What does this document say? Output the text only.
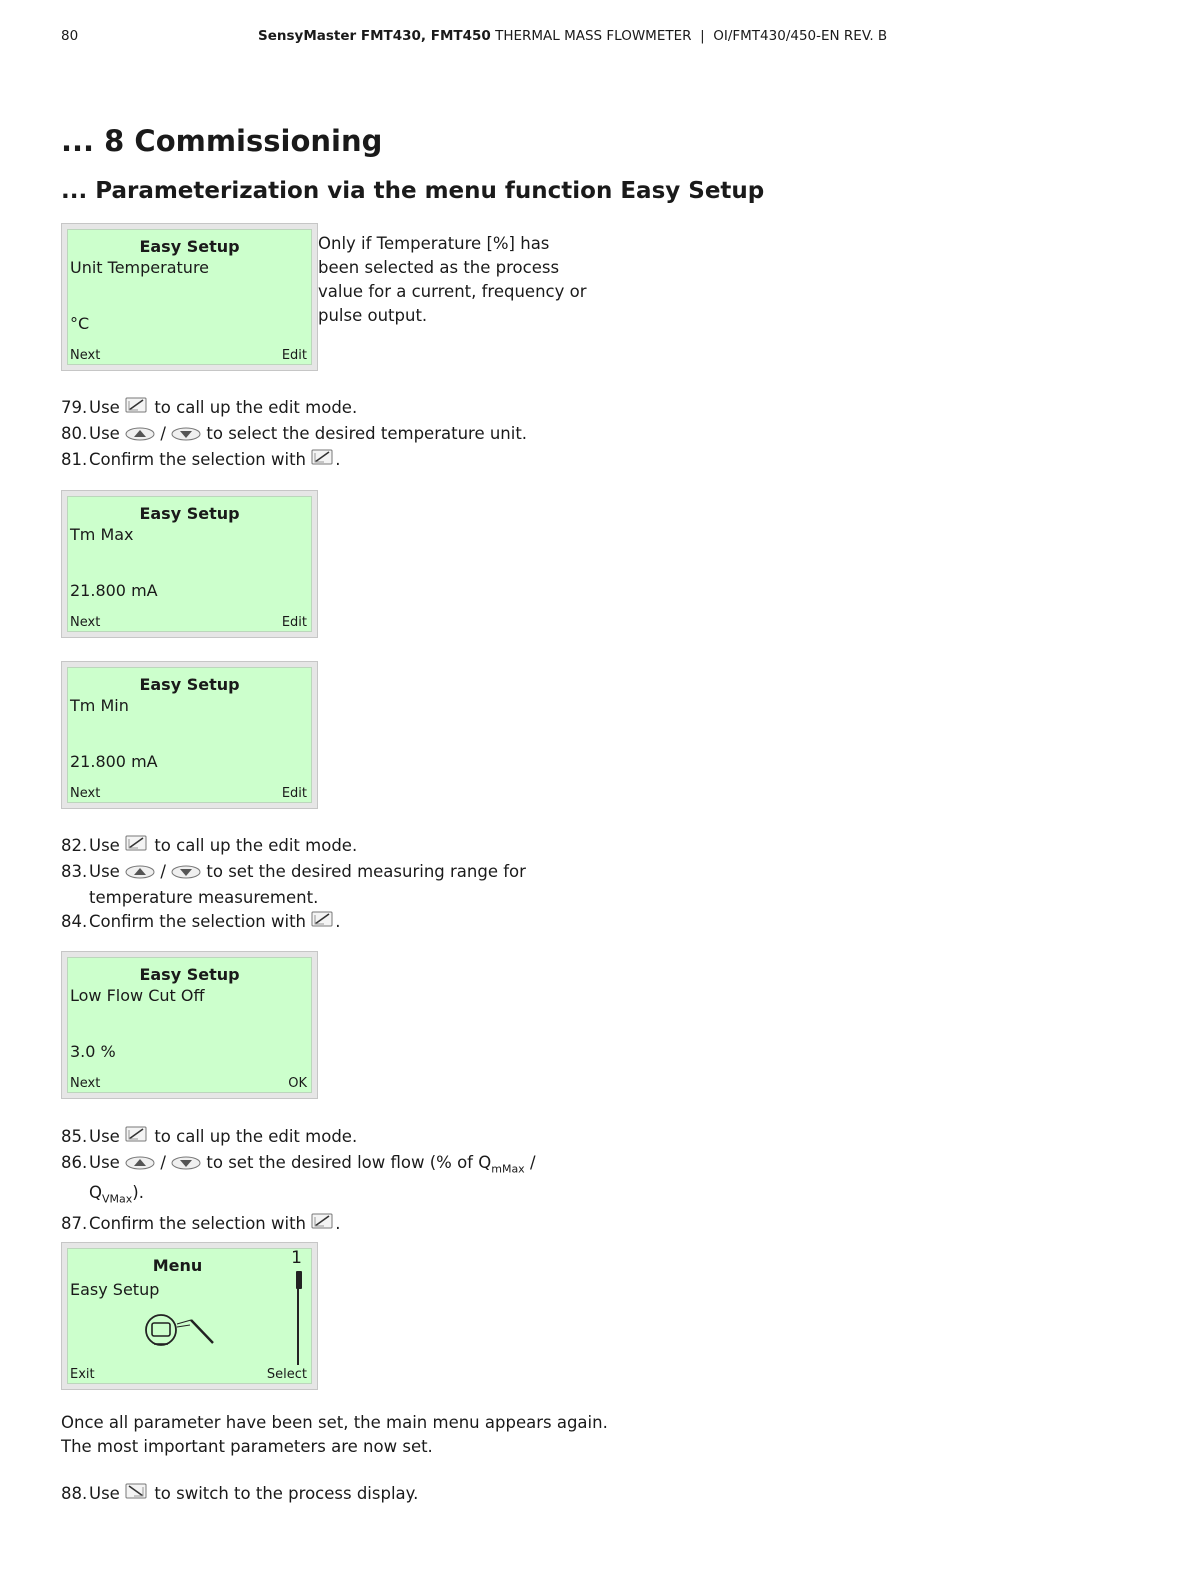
80	SensyMaster FMT430, FMT450 THERMAL MASS FLOWMETER  |  OI/FMT430/450-EN REV. B
... 8 Commissioning
... Parameterization via the menu function Easy Setup
Easy Setup
Unit Temperature
°C
Next	Edit
Only if Temperature [%] has been selected as the process value for a current, frequency or pulse output.
79. Use  to call up the edit mode.
80. Use  /  to select the desired temperature unit.
81. Confirm the selection with .
Easy Setup
Tm Max
21.800 mA
Next	Edit
Easy Setup
Tm Min
21.800 mA
Next	Edit
82. Use  to call up the edit mode.
83. Use  /  to set the desired measuring range for
temperature measurement.
84. Confirm the selection with .
Easy Setup
Low Flow Cut Off
3.0 %
Next	OK
85. Use  to call up the edit mode.
86. Use  /  to set the desired low flow (% of $Q_{mMax}$ /
$Q_{VMax}$).
87. Confirm the selection with .
Menu
Easy Setup
1
Exit	Select
Once all parameter have been set, the main menu appears again.
The most important parameters are now set.
88. Use  to switch to the process display.
